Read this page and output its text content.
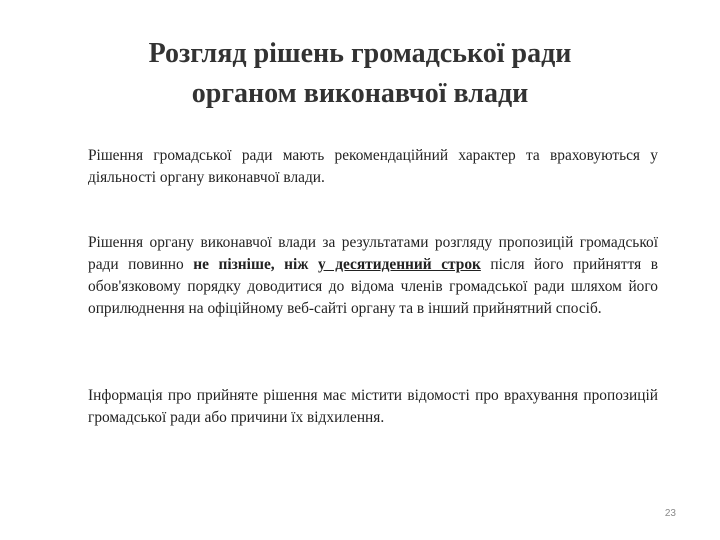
Розгляд рішень громадської ради
органом виконавчої влади
Рішення громадської ради мають рекомендаційний характер та враховуються у діяльності органу виконавчої влади.
Рішення органу виконавчої влади за результатами розгляду пропозицій громадської ради повинно не пізніше, ніж у десятиденний строк після його прийняття в обов'язковому порядку доводитися до відома членів громадської ради шляхом його оприлюднення на офіційному веб-сайті органу та в інший прийнятний спосіб.
Інформація про прийняте рішення має містити відомості про врахування пропозицій громадської ради або причини їх відхилення.
23
